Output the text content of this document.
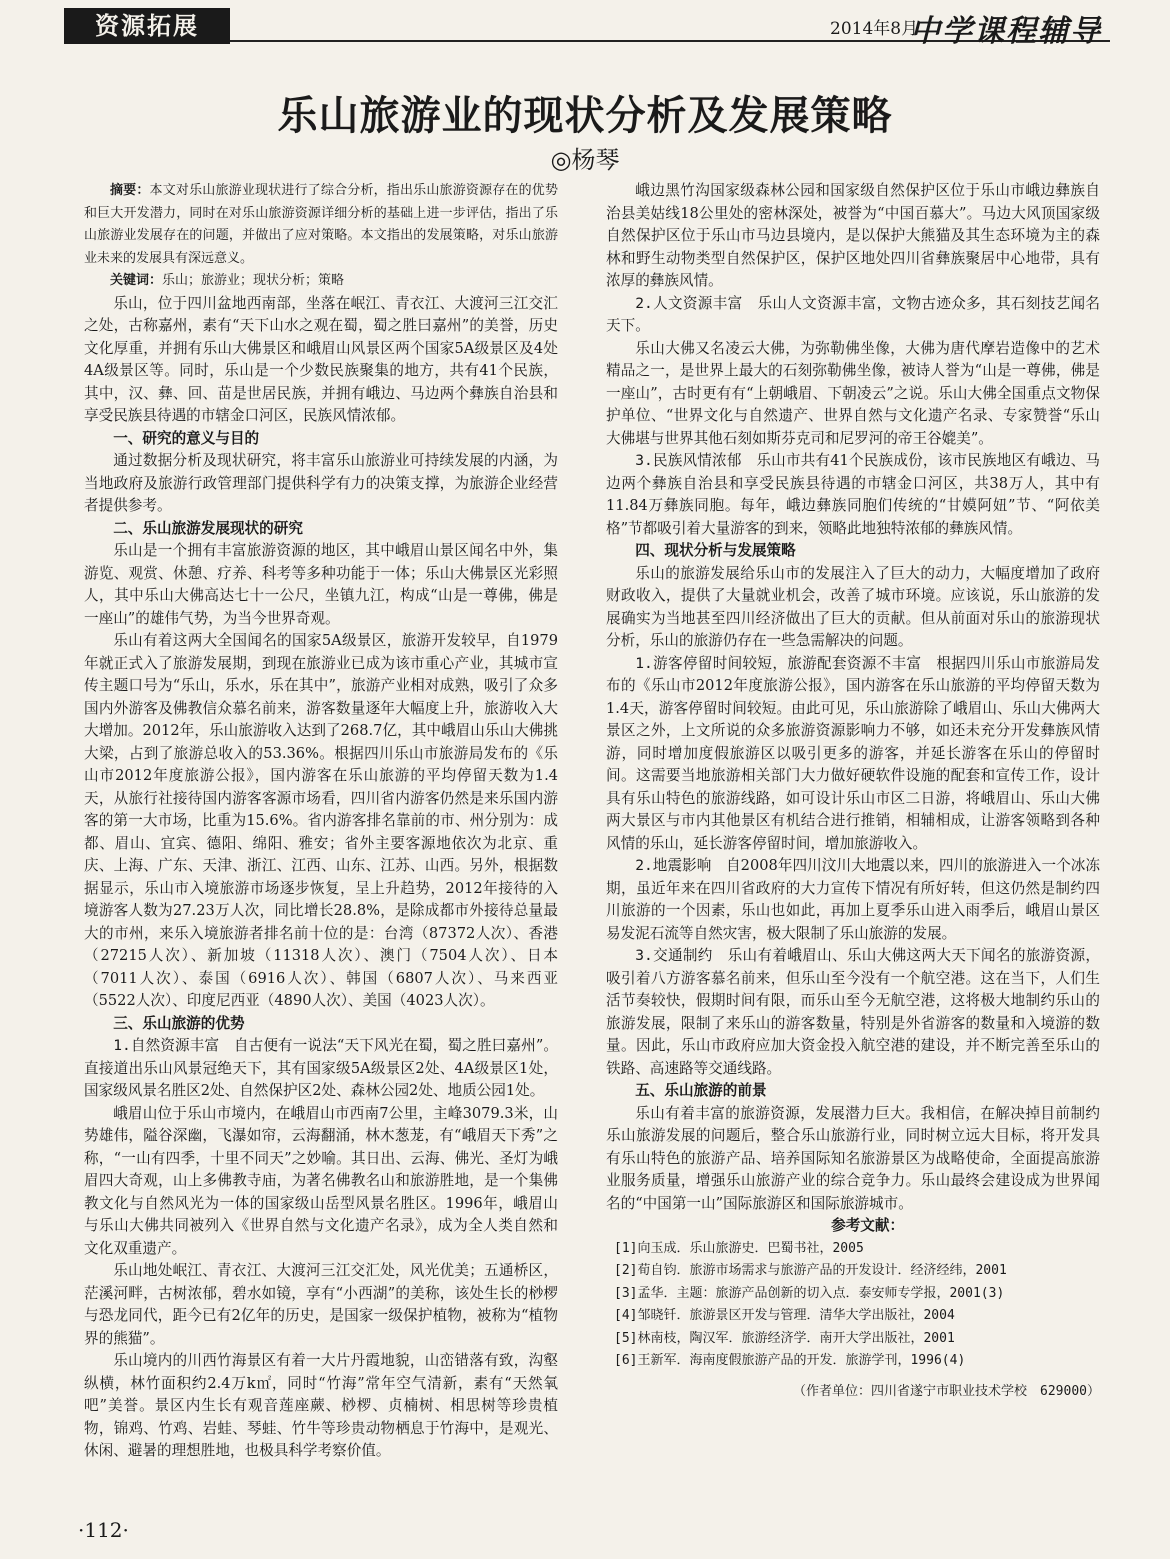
资源拓展	2014年8月
中学课程辅导
乐山旅游业的现状分析及发展策略
◎杨琴

摘要：本文对乐山旅游业现状进行了综合分析，指出乐山旅游资源存在的优势和巨大开发潜力，同时在对乐山旅游资源详细分析的基础上进一步评估，指出了乐山旅游业发展存在的问题，并做出了应对策略。本文指出的发展策略，对乐山旅游业未来的发展具有深远意义。

关键词：乐山；旅游业；现状分析；策略

乐山，位于四川盆地西南部，坐落在岷江、青衣江、大渡河三江交汇之处，古称嘉州，素有“天下山水之观在蜀，蜀之胜曰嘉州”的美誉，历史文化厚重，并拥有乐山大佛景区和峨眉山风景区两个国家5A级景区及4处4A级景区等。同时，乐山是一个少数民族聚集的地方，共有41个民族，其中，汉、彝、回、苗是世居民族，并拥有峨边、马边两个彝族自治县和享受民族县待遇的市辖金口河区，民族风情浓郁。

一、研究的意义与目的

通过数据分析及现状研究，将丰富乐山旅游业可持续发展的内涵，为当地政府及旅游行政管理部门提供科学有力的决策支撑，为旅游企业经营者提供参考。

二、乐山旅游发展现状的研究

乐山是一个拥有丰富旅游资源的地区，其中峨眉山景区闻名中外，集游览、观赏、休憩、疗养、科考等多种功能于一体；乐山大佛景区光彩照人，其中乐山大佛高达七十一公尺，坐镇九江，构成“山是一尊佛，佛是一座山”的雄伟气势，为当今世界奇观。

乐山有着这两大全国闻名的国家5A级景区，旅游开发较早，自1979年就正式入了旅游发展期，到现在旅游业已成为该市重心产业，其城市宣传主题口号为“乐山，乐水，乐在其中”，旅游产业相对成熟，吸引了众多国内外游客及佛教信众慕名前来，游客数量逐年大幅度上升，旅游收入大大增加。2012年，乐山旅游收入达到了268.7亿，其中峨眉山乐山大佛挑大梁，占到了旅游总收入的53.36%。根据四川乐山市旅游局发布的《乐山市2012年度旅游公报》，国内游客在乐山旅游的平均停留天数为1.4天，从旅行社接待国内游客客源市场看，四川省内游客仍然是来乐国内游客的第一大市场，比重为15.6%。省内游客排名靠前的市、州分别为：成都、眉山、宜宾、德阳、绵阳、雅安；省外主要客源地依次为北京、重庆、上海、广东、天津、浙江、江西、山东、江苏、山西。另外，根据数据显示，乐山市入境旅游市场逐步恢复，呈上升趋势，2012年接待的入境游客人数为27.23万人次，同比增长28.8%，是除成都市外接待总量最大的市州，来乐入境旅游者排名前十位的是：台湾（87372人次）、香港（27215人次）、新加坡（11318人次）、澳门（7504人次）、日本（7011人次）、泰国（6916人次）、韩国（6807人次）、马来西亚（5522人次）、印度尼西亚（4890人次）、美国（4023人次）。

三、乐山旅游的优势

1.自然资源丰富　自古便有一说法“天下风光在蜀，蜀之胜曰嘉州”。直接道出乐山风景冠绝天下，其有国家级5A级景区2处、4A级景区1处，国家级风景名胜区2处、自然保护区2处、森林公园2处、地质公园1处。

峨眉山位于乐山市境内，在峨眉山市西南7公里，主峰3079.3米，山势雄伟，隘谷深幽，飞瀑如帘，云海翻涌，林木葱茏，有“峨眉天下秀”之称，“一山有四季，十里不同天”之妙喻。其日出、云海、佛光、圣灯为峨眉四大奇观，山上多佛教寺庙，为著名佛教名山和旅游胜地，是一个集佛教文化与自然风光为一体的国家级山岳型风景名胜区。1996年，峨眉山与乐山大佛共同被列入《世界自然与文化遗产名录》，成为全人类自然和文化双重遗产。

乐山地处岷江、青衣江、大渡河三江交汇处，风光优美；五通桥区，茫溪河畔，古树浓郁，碧水如镜，享有“小西湖”的美称，该处生长的桫椤与恐龙同代，距今已有2亿年的历史，是国家一级保护植物，被称为“植物界的熊猫”。

乐山境内的川西竹海景区有着一大片丹霞地貌，山峦错落有致，沟壑纵横，林竹面积约2.4万k㎡，同时“竹海”常年空气清新，素有“天然氧吧”美誉。景区内生长有观音莲座蕨、桫椤、贞楠树、相思树等珍贵植物，锦鸡、竹鸡、岩蛙、琴蛙、竹牛等珍贵动物栖息于竹海中，是观光、休闲、避暑的理想胜地，也极具科学考察价值。

峨边黑竹沟国家级森林公园和国家级自然保护区位于乐山市峨边彝族自治县美姑线18公里处的密林深处，被誉为“中国百慕大”。马边大风顶国家级自然保护区位于乐山市马边县境内，是以保护大熊猫及其生态环境为主的森林和野生动物类型自然保护区，保护区地处四川省彝族聚居中心地带，具有浓厚的彝族风情。

2.人文资源丰富　乐山人文资源丰富，文物古迹众多，其石刻技艺闻名天下。

乐山大佛又名凌云大佛，为弥勒佛坐像，大佛为唐代摩岩造像中的艺术精品之一，是世界上最大的石刻弥勒佛坐像，被诗人誉为“山是一尊佛，佛是一座山”，古时更有有“上朝峨眉、下朝凌云”之说。乐山大佛全国重点文物保护单位、“世界文化与自然遗产、世界自然与文化遗产名录、专家赞誉“乐山大佛堪与世界其他石刻如斯芬克司和尼罗河的帝王谷媲美”。

3.民族风情浓郁　乐山市共有41个民族成份，该市民族地区有峨边、马边两个彝族自治县和享受民族县待遇的市辖金口河区，共38万人，其中有11.84万彝族同胞。每年，峨边彝族同胞们传统的“甘嫫阿妞”节、“阿依美格”节都吸引着大量游客的到来，领略此地独特浓郁的彝族风情。

四、现状分析与发展策略

乐山的旅游发展给乐山市的发展注入了巨大的动力，大幅度增加了政府财政收入，提供了大量就业机会，改善了城市环境。应该说，乐山旅游的发展确实为当地甚至四川经济做出了巨大的贡献。但从前面对乐山的旅游现状分析，乐山的旅游仍存在一些急需解决的问题。

1.游客停留时间较短，旅游配套资源不丰富　根据四川乐山市旅游局发布的《乐山市2012年度旅游公报》，国内游客在乐山旅游的平均停留天数为1.4天，游客停留时间较短。由此可见，乐山旅游除了峨眉山、乐山大佛两大景区之外，上文所说的众多旅游资源影响力不够，如还未充分开发彝族风情游，同时增加度假旅游区以吸引更多的游客，并延长游客在乐山的停留时间。这需要当地旅游相关部门大力做好硬软件设施的配套和宣传工作，设计具有乐山特色的旅游线路，如可设计乐山市区二日游，将峨眉山、乐山大佛两大景区与市内其他景区有机结合进行推销，相辅相成，让游客领略到各种风情的乐山，延长游客停留时间，增加旅游收入。

2.地震影响　自2008年四川汶川大地震以来，四川的旅游进入一个冰冻期，虽近年来在四川省政府的大力宣传下情况有所好转，但这仍然是制约四川旅游的一个因素，乐山也如此，再加上夏季乐山进入雨季后，峨眉山景区易发泥石流等自然灾害，极大限制了乐山旅游的发展。

3.交通制约　乐山有着峨眉山、乐山大佛这两大天下闻名的旅游资源，吸引着八方游客慕名前来，但乐山至今没有一个航空港。这在当下，人们生活节奏较快，假期时间有限，而乐山至今无航空港，这将极大地制约乐山的旅游发展，限制了来乐山的游客数量，特别是外省游客的数量和入境游的数量。因此，乐山市政府应加大资金投入航空港的建设，并不断完善至乐山的铁路、高速路等交通线路。

五、乐山旅游的前景

乐山有着丰富的旅游资源，发展潜力巨大。我相信，在解决掉目前制约乐山旅游发展的问题后，整合乐山旅游行业，同时树立远大目标，将开发具有乐山特色的旅游产品、培养国际知名旅游景区为战略使命，全面提高旅游业服务质量，增强乐山旅游产业的综合竞争力。乐山最终会建设成为世界闻名的“中国第一山”国际旅游区和国际旅游城市。

参考文献：

[1]向玉成．乐山旅游史．巴蜀书社，2005

[2]荀自钧．旅游市场需求与旅游产品的开发设计．经济经纬，2001

[3]孟华．主题：旅游产品创新的切入点．泰安师专学报，2001(3)

[4]邹晓钎．旅游景区开发与管理．清华大学出版社，2004

[5]林南枝，陶汉军．旅游经济学．南开大学出版社，2001

[6]王新军．海南度假旅游产品的开发．旅游学刊，1996(4)

（作者单位：四川省遂宁市职业技术学校　629000）

·112·
